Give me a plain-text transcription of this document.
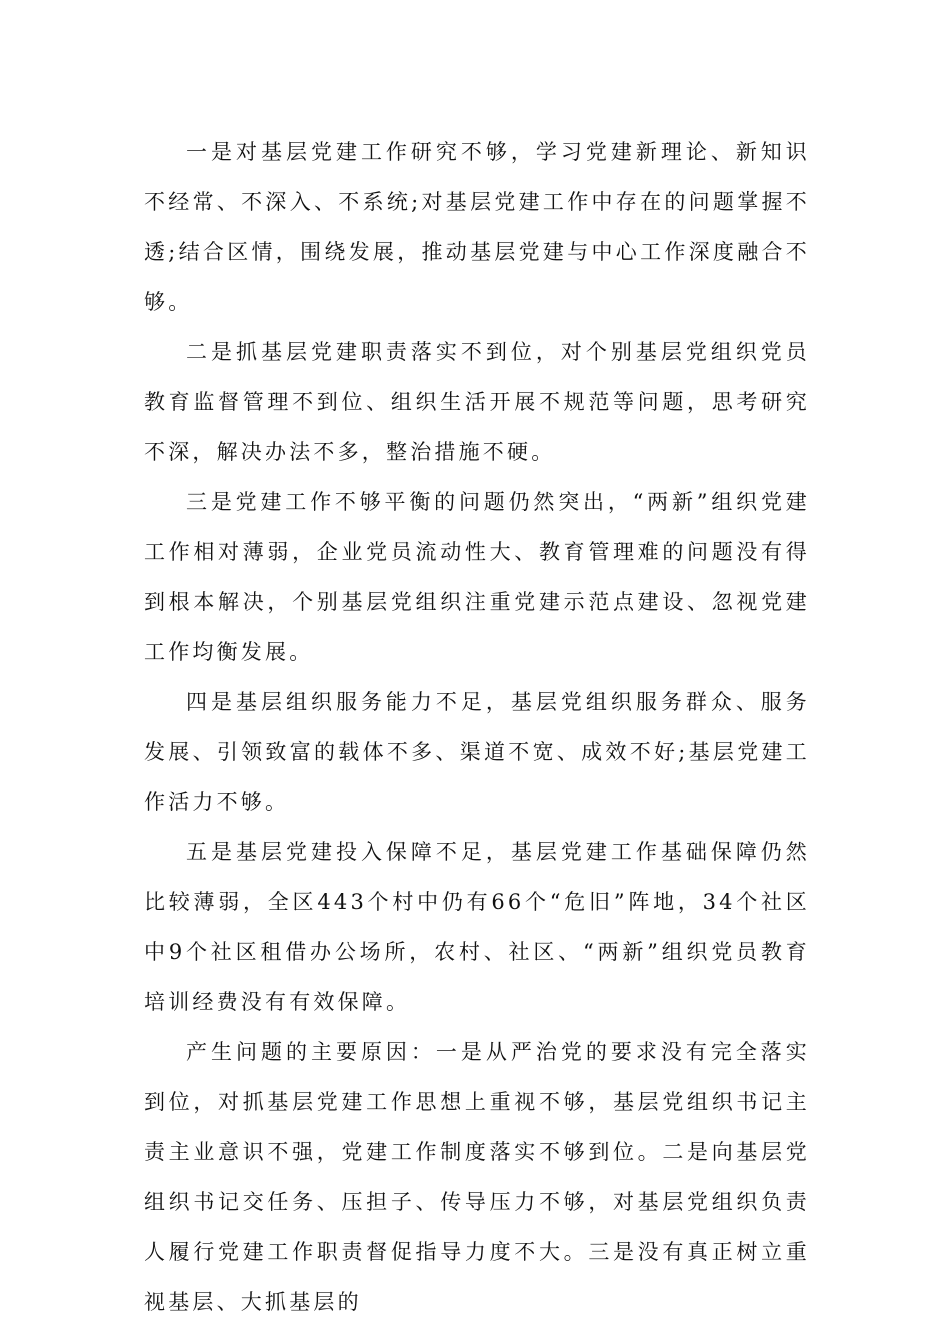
一是对基层党建工作研究不够，学习党建新理论、新知识不经常、不深入、不系统;对基层党建工作中存在的问题掌握不透;结合区情，围绕发展，推动基层党建与中心工作深度融合不够。

二是抓基层党建职责落实不到位，对个别基层党组织党员教育监督管理不到位、组织生活开展不规范等问题，思考研究不深，解决办法不多，整治措施不硬。

三是党建工作不够平衡的问题仍然突出，“两新”组织党建工作相对薄弱，企业党员流动性大、教育管理难的问题没有得到根本解决，个别基层党组织注重党建示范点建设、忽视党建工作均衡发展。

四是基层组织服务能力不足，基层党组织服务群众、服务发展、引领致富的载体不多、渠道不宽、成效不好;基层党建工作活力不够。

五是基层党建投入保障不足，基层党建工作基础保障仍然比较薄弱，全区443个村中仍有66个“危旧”阵地，34个社区中9个社区租借办公场所，农村、社区、“两新”组织党员教育培训经费没有有效保障。

产生问题的主要原因：一是从严治党的要求没有完全落实到位，对抓基层党建工作思想上重视不够，基层党组织书记主责主业意识不强，党建工作制度落实不够到位。二是向基层党组织书记交任务、压担子、传导压力不够，对基层党组织负责人履行党建工作职责督促指导力度不大。三是没有真正树立重视基层、大抓基层的
